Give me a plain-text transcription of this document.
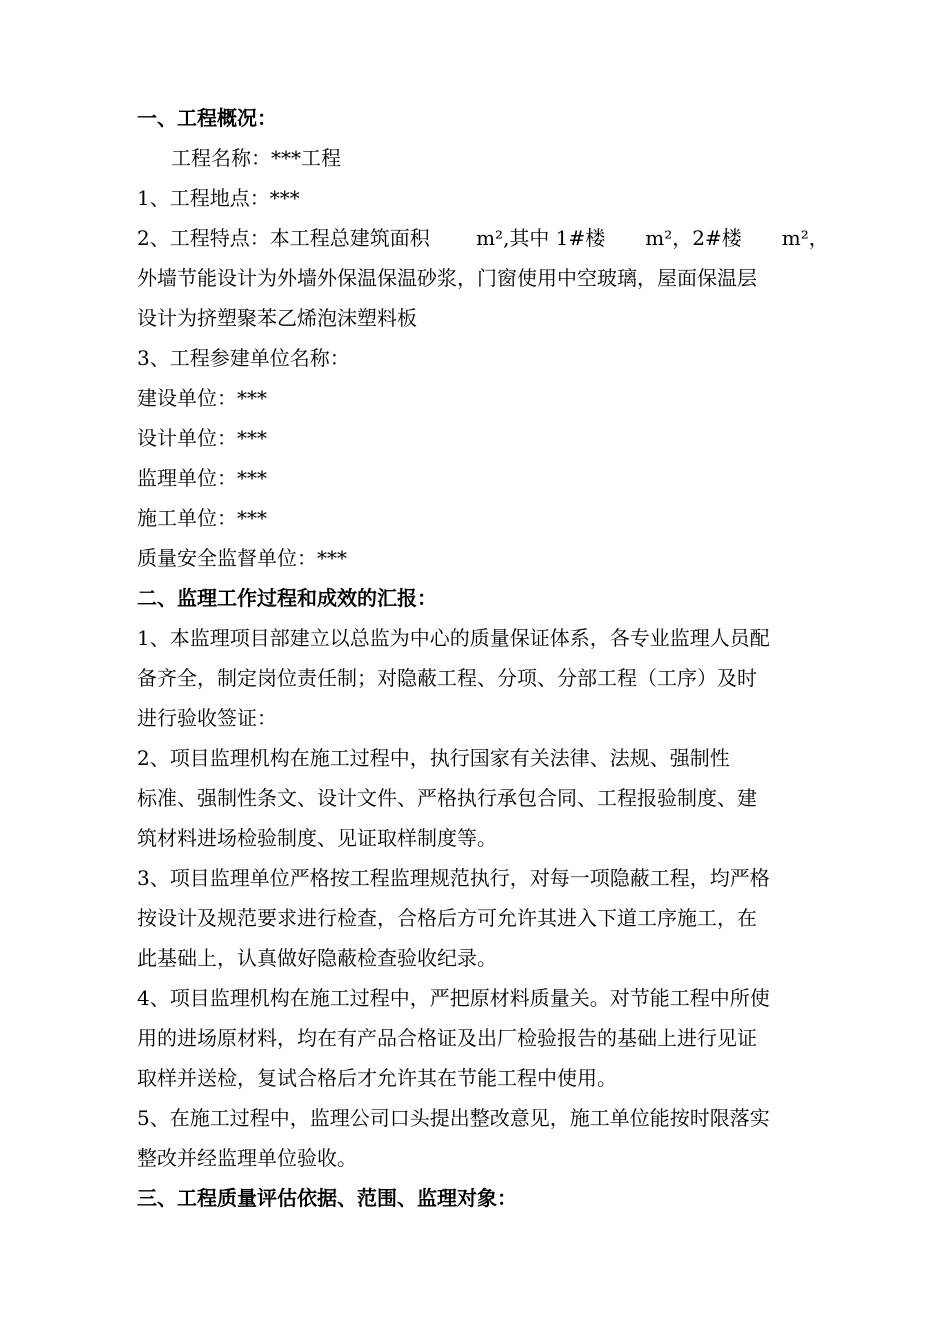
一、工程概况：
工程名称：***工程
1、工程地点：***
2、工程特点：本工程总建筑面积　 　m²,其中 1#楼　　m²，2#楼　　m²，
外墙节能设计为外墙外保温保温砂浆，门窗使用中空玻璃，屋面保温层
设计为挤塑聚苯乙烯泡沫塑料板
3、工程参建单位名称：
建设单位：***
设计单位：***
监理单位：***
施工单位：***
质量安全监督单位：***
二、监理工作过程和成效的汇报：
1、本监理项目部建立以总监为中心的质量保证体系，各专业监理人员配
备齐全，制定岗位责任制；对隐蔽工程、分项、分部工程（工序）及时
进行验收签证：
2、项目监理机构在施工过程中，执行国家有关法律、法规、强制性
标准、强制性条文、设计文件、严格执行承包合同、工程报验制度、建
筑材料进场检验制度、见证取样制度等。
3、项目监理单位严格按工程监理规范执行，对每一项隐蔽工程，均严格
按设计及规范要求进行检查，合格后方可允许其进入下道工序施工，在
此基础上，认真做好隐蔽检查验收纪录。
4、项目监理机构在施工过程中，严把原材料质量关。对节能工程中所使
用的进场原材料，均在有产品合格证及出厂检验报告的基础上进行见证
取样并送检，复试合格后才允许其在节能工程中使用。
5、在施工过程中，监理公司口头提出整改意见，施工单位能按时限落实
整改并经监理单位验收。
三、工程质量评估依据、范围、监理对象：
